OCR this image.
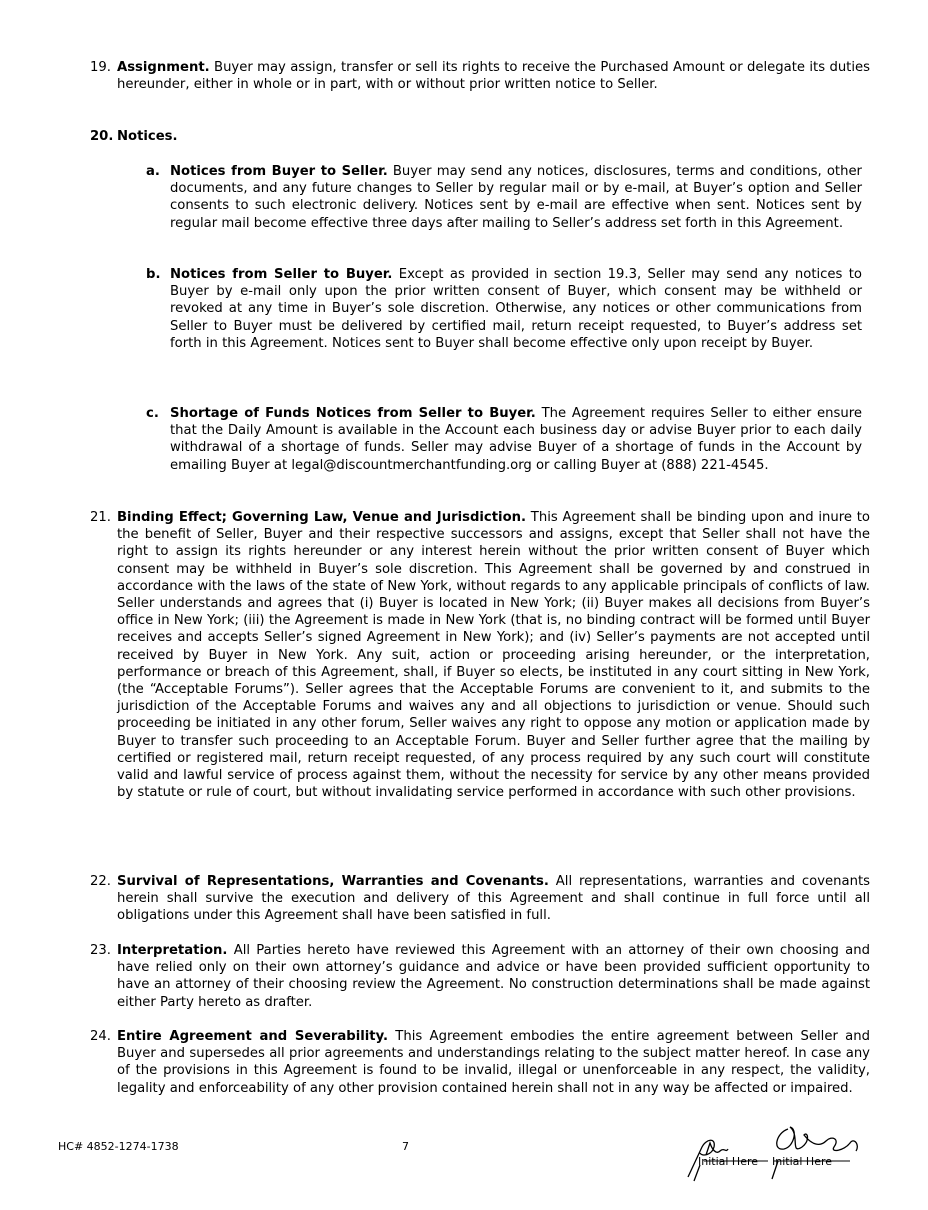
19. Assignment. Buyer may assign, transfer or sell its rights to receive the Purchased Amount or delegate its duties hereunder, either in whole or in part, with or without prior written notice to Seller.
20. Notices.
a. Notices from Buyer to Seller. Buyer may send any notices, disclosures, terms and conditions, other documents, and any future changes to Seller by regular mail or by e-mail, at Buyer’s option and Seller consents to such electronic delivery. Notices sent by e-mail are effective when sent. Notices sent by regular mail become effective three days after mailing to Seller’s address set forth in this Agreement.
b. Notices from Seller to Buyer. Except as provided in section 19.3, Seller may send any notices to Buyer by e-mail only upon the prior written consent of Buyer, which consent may be withheld or revoked at any time in Buyer’s sole discretion. Otherwise, any notices or other communications from Seller to Buyer must be delivered by certified mail, return receipt requested, to Buyer’s address set forth in this Agreement. Notices sent to Buyer shall become effective only upon receipt by Buyer.
c. Shortage of Funds Notices from Seller to Buyer. The Agreement requires Seller to either ensure that the Daily Amount is available in the Account each business day or advise Buyer prior to each daily withdrawal of a shortage of funds. Seller may advise Buyer of a shortage of funds in the Account by emailing Buyer at legal@discountmerchantfunding.org or calling Buyer at (888) 221-4545.
21. Binding Effect; Governing Law, Venue and Jurisdiction. This Agreement shall be binding upon and inure to the benefit of Seller, Buyer and their respective successors and assigns, except that Seller shall not have the right to assign its rights hereunder or any interest herein without the prior written consent of Buyer which consent may be withheld in Buyer’s sole discretion. This Agreement shall be governed by and construed in accordance with the laws of the state of New York, without regards to any applicable principals of conflicts of law. Seller understands and agrees that (i) Buyer is located in New York; (ii) Buyer makes all decisions from Buyer’s office in New York; (iii) the Agreement is made in New York (that is, no binding contract will be formed until Buyer receives and accepts Seller’s signed Agreement in New York); and (iv) Seller’s payments are not accepted until received by Buyer in New York. Any suit, action or proceeding arising hereunder, or the interpretation, performance or breach of this Agreement, shall, if Buyer so elects, be instituted in any court sitting in New York, (the “Acceptable Forums”). Seller agrees that the Acceptable Forums are convenient to it, and submits to the jurisdiction of the Acceptable Forums and waives any and all objections to jurisdiction or venue. Should such proceeding be initiated in any other forum, Seller waives any right to oppose any motion or application made by Buyer to transfer such proceeding to an Acceptable Forum. Buyer and Seller further agree that the mailing by certified or registered mail, return receipt requested, of any process required by any such court will constitute valid and lawful service of process against them, without the necessity for service by any other means provided by statute or rule of court, but without invalidating service performed in accordance with such other provisions.
22. Survival of Representations, Warranties and Covenants. All representations, warranties and covenants herein shall survive the execution and delivery of this Agreement and shall continue in full force until all obligations under this Agreement shall have been satisfied in full.
23. Interpretation. All Parties hereto have reviewed this Agreement with an attorney of their own choosing and have relied only on their own attorney’s guidance and advice or have been provided sufficient opportunity to have an attorney of their choosing review the Agreement. No construction determinations shall be made against either Party hereto as drafter.
24. Entire Agreement and Severability. This Agreement embodies the entire agreement between Seller and Buyer and supersedes all prior agreements and understandings relating to the subject matter hereof. In case any of the provisions in this Agreement is found to be invalid, illegal or unenforceable in any respect, the validity, legality and enforceability of any other provision contained herein shall not in any way be affected or impaired.
HC# 4852-1274-1738	7
Initial Here Initial Here
